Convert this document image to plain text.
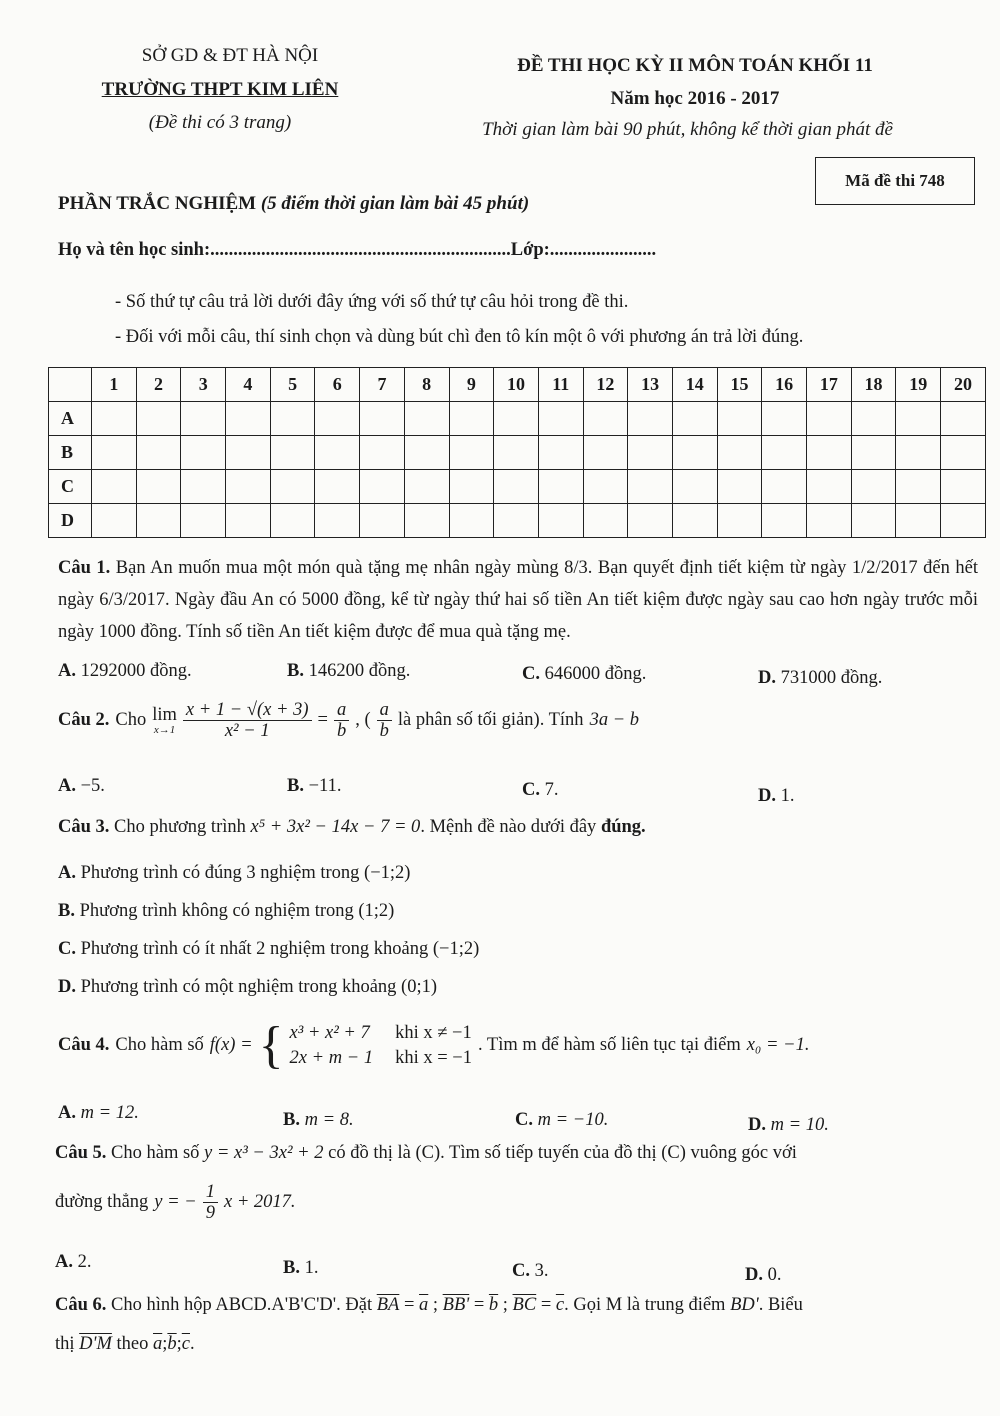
SỞ GD & ĐT HÀ NỘI
TRƯỜNG THPT KIM LIÊN
(Đề thi có 3 trang)
ĐỀ THI HỌC KỲ II MÔN TOÁN KHỐI 11
Năm học 2016 - 2017
Thời gian làm bài 90 phút, không kể thời gian phát đề
Mã đề thi 748
PHẦN TRẮC NGHIỆM (5 điểm thời gian làm bài 45 phút)
Họ và tên học sinh:.................................................................Lớp:.......................
- Số thứ tự câu trả lời dưới đây ứng với số thứ tự câu hỏi trong đề thi.
- Đối với mỗi câu, thí sinh chọn và dùng bút chì đen tô kín một ô với phương án trả lời đúng.
	1	2	3	4	5	6	7	8	9	10	11	12	13	14	15	16	17	18	19	20
A																				
B																				
C																				
D																				
Câu 1. Bạn An muốn mua một món quà tặng mẹ nhân ngày mùng 8/3. Bạn quyết định tiết kiệm từ ngày 1/2/2017 đến hết ngày 6/3/2017. Ngày đầu An có 5000 đồng, kể từ ngày thứ hai số tiền An tiết kiệm được ngày sau cao hơn ngày trước mỗi ngày 1000 đồng. Tính số tiền An tiết kiệm được để mua quà tặng mẹ.
A. 1292000 đồng.	B. 146200 đồng.	C. 646000 đồng.	D. 731000 đồng.
Câu 2. Cho lim
$x\to 1 \frac{x + 1 - √(x + 3)}{\text{x² − 1}} = \frac{a}{b}$ , ( $\frac{a}{b}$ là phân số tối giản). Tính 3a − b
A. −5.	B. −11.	C. 7.	D. 1.
Câu 3. Cho phương trình x⁵ + 3x² − 14x − 7 = 0. Mệnh đề nào dưới đây đúng.
A. Phương trình có đúng 3 nghiệm trong (−1;2)
B. Phương trình không có nghiệm trong (1;2)
C. Phương trình có ít nhất 2 nghiệm trong khoảng (−1;2)
D. Phương trình có một nghiệm trong khoảng (0;1)
Câu 4. Cho hàm số f(x) = { x³ + x² + 7 khi x ≠ −1
2x + m − 1 khi x = −1
. Tìm m để hàm số liên tục tại điểm x₀ = −1.
A. m = 12.	B. m = 8.	C. m = −10.	D. m = 10.
Câu 5. Cho hàm số y = x³ − 3x² + 2 có đồ thị là (C). Tìm số tiếp tuyến của đồ thị (C) vuông góc với
đường thẳng y = − $\frac{1}{9}$ x + 2017.
A. 2.	B. 1.	C. 3.	D. 0.
Câu 6. Cho hình hộp ABCD.A'B'C'D'. Đặt $\overline{BA} = \overline{a}$ ; $BB' = \overline{b}$ ; $\overline{BC} = \overline{c}$. Gọi M là trung điểm BD'. Biểu
thị D'M theo $\overline{a};\overline{b};\overline{c}$.
